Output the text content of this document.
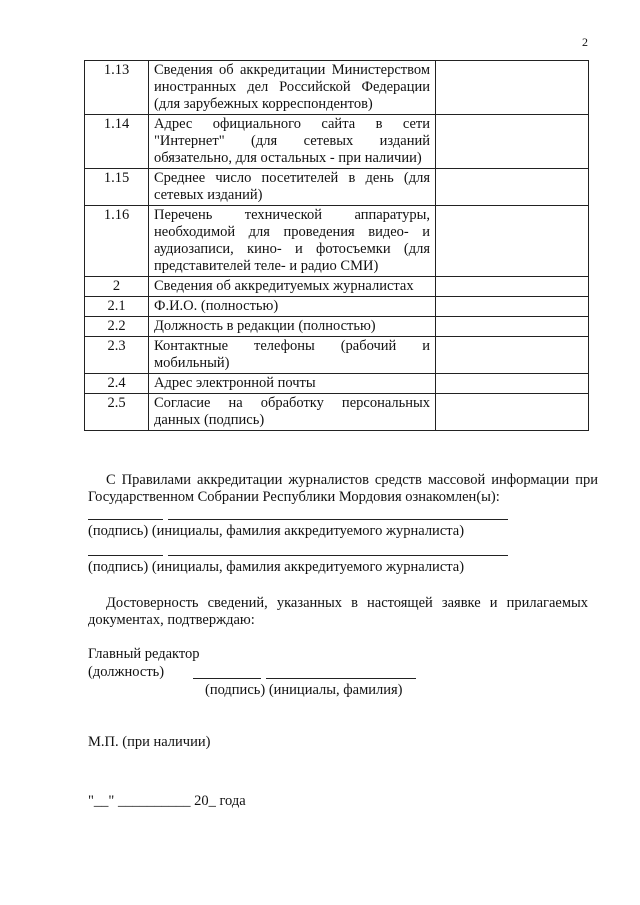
2
1.13	Сведения об аккредитации Министерством иностранных дел Российской Федерации (для зарубежных корреспондентов)	
1.14	Адрес официального сайта в сети "Интернет" (для сетевых изданий обязательно, для остальных - при наличии)	
1.15	Среднее число посетителей в день (для сетевых изданий)	
1.16	Перечень технической аппаратуры, необходимой для проведения видео- и аудиозаписи, кино- и фотосъемки (для представителей теле- и радио СМИ)	
2	Сведения об аккредитуемых журналистах	
2.1	Ф.И.О. (полностью)	
2.2	Должность в редакции (полностью)	
2.3	Контактные телефоны (рабочий и мобильный)	
2.4	Адрес электронной почты	
2.5	Согласие на обработку персональных данных (подпись)	

С Правилами аккредитации журналистов средств массовой информации при Государственном Собрании Республики Мордовия ознакомлен(ы):

(подпись) (инициалы, фамилия аккредитуемого журналиста)
(подпись) (инициалы, фамилия аккредитуемого журналиста)

Достоверность сведений, указанных в настоящей заявке и прилагаемых документах, подтверждаю:

Главный редактор
(должность)
(подпись) (инициалы, фамилия)
М.П. (при наличии)
"__" __________ 20_ года
